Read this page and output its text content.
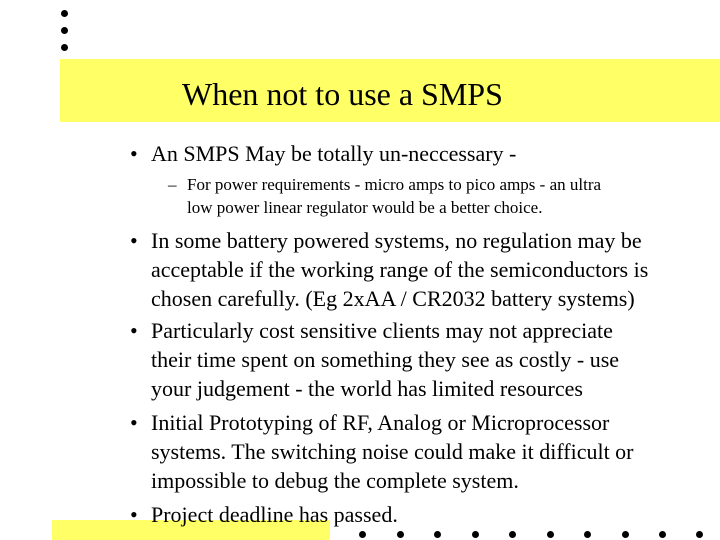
When not to use a SMPS
• An SMPS May be totally un-neccessary -
– For power requirements - micro amps to pico amps - an ultra
low power linear regulator would be a better choice.
• In some battery powered systems, no regulation may be
acceptable if the working range of the semiconductors is
chosen carefully. (Eg 2xAA / CR2032 battery systems)
• Particularly cost sensitive clients may not appreciate
their time spent on something they see as costly - use
your judgement - the world has limited resources
• Initial Prototyping of RF, Analog or Microprocessor
systems. The switching noise could make it difficult or
impossible to debug the complete system.
• Project deadline has passed.
